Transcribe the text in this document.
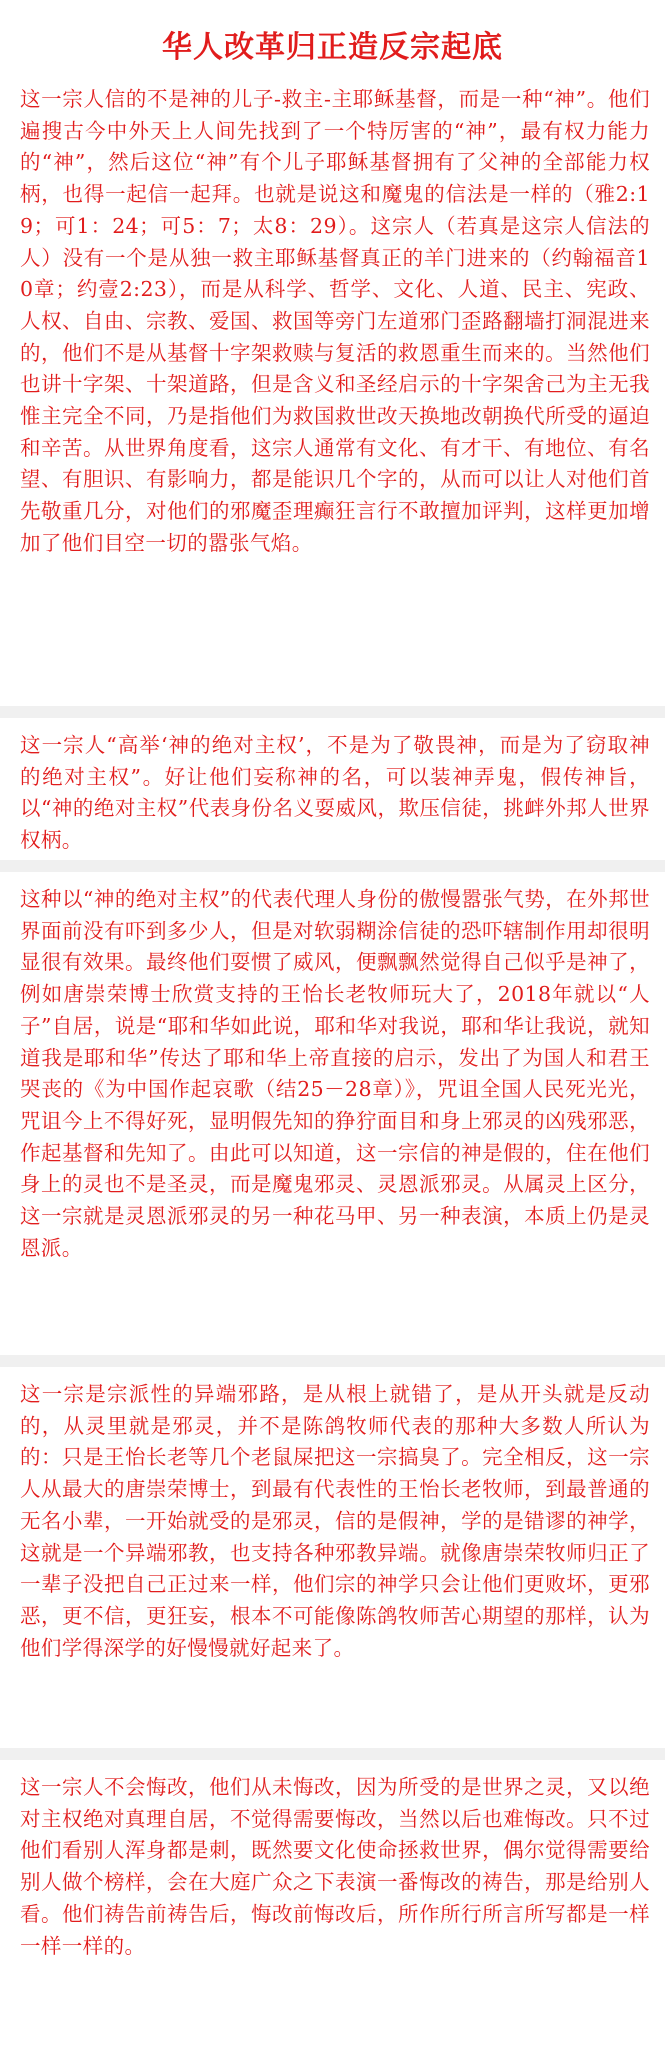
华人改革归正造反宗起底

这一宗人信的不是神的儿子-救主-主耶稣基督，而是一种“神”。他们遍搜古今中外天上人间先找到了一个特厉害的“神”，最有权力能力的“神”，然后这位“神”有个儿子耶稣基督拥有了父神的全部能力权柄，也得一起信一起拜。也就是说这和魔鬼的信法是一样的（雅2:19；可1：24；可5：7；太8：29）。这宗人（若真是这宗人信法的人）没有一个是从独一救主耶稣基督真正的羊门进来的（约翰福音10章；约壹2:23），而是从科学、哲学、文化、人道、民主、宪政、人权、自由、宗教、爱国、救国等旁门左道邪门歪路翻墙打洞混进来的，他们不是从基督十字架救赎与复活的救恩重生而来的。当然他们也讲十字架、十架道路，但是含义和圣经启示的十字架舍己为主无我惟主完全不同，乃是指他们为救国救世改天换地改朝换代所受的逼迫和辛苦。从世界角度看，这宗人通常有文化、有才干、有地位、有名望、有胆识、有影响力，都是能识几个字的，从而可以让人对他们首先敬重几分，对他们的邪魔歪理癫狂言行不敢擅加评判，这样更加增加了他们目空一切的嚣张气焰。

这一宗人“高举‘神的绝对主权’，不是为了敬畏神，而是为了窃取神的绝对主权”。好让他们妄称神的名，可以装神弄鬼，假传神旨，以“神的绝对主权”代表身份名义耍威风，欺压信徒，挑衅外邦人世界权柄。

这种以“神的绝对主权”的代表代理人身份的傲慢嚣张气势，在外邦世界面前没有吓到多少人，但是对软弱糊涂信徒的恐吓辖制作用却很明显很有效果。最终他们耍惯了威风，便飘飘然觉得自己似乎是神了，例如唐崇荣博士欣赏支持的王怡长老牧师玩大了，2018年就以“人子”自居，说是“耶和华如此说，耶和华对我说，耶和华让我说，就知道我是耶和华”传达了耶和华上帝直接的启示，发出了为国人和君王哭丧的《为中国作起哀歌（结25－28章）》，咒诅全国人民死光光，咒诅今上不得好死，显明假先知的狰狞面目和身上邪灵的凶残邪恶，作起基督和先知了。由此可以知道，这一宗信的神是假的，住在他们身上的灵也不是圣灵，而是魔鬼邪灵、灵恩派邪灵。从属灵上区分，这一宗就是灵恩派邪灵的另一种花马甲、另一种表演，本质上仍是灵恩派。

这一宗是宗派性的异端邪路，是从根上就错了，是从开头就是反动的，从灵里就是邪灵，并不是陈鸽牧师代表的那种大多数人所认为的：只是王怡长老等几个老鼠屎把这一宗搞臭了。完全相反，这一宗人从最大的唐崇荣博士，到最有代表性的王怡长老牧师，到最普通的无名小辈，一开始就受的是邪灵，信的是假神，学的是错谬的神学，这就是一个异端邪教，也支持各种邪教异端。就像唐崇荣牧师归正了一辈子没把自己正过来一样，他们宗的神学只会让他们更败坏，更邪恶，更不信，更狂妄，根本不可能像陈鸽牧师苦心期望的那样，认为他们学得深学的好慢慢就好起来了。

这一宗人不会悔改，他们从未悔改，因为所受的是世界之灵，又以绝对主权绝对真理自居，不觉得需要悔改，当然以后也难悔改。只不过他们看别人浑身都是刺，既然要文化使命拯救世界，偶尔觉得需要给别人做个榜样，会在大庭广众之下表演一番悔改的祷告，那是给别人看。他们祷告前祷告后，悔改前悔改后，所作所行所言所写都是一样一样一样的。
